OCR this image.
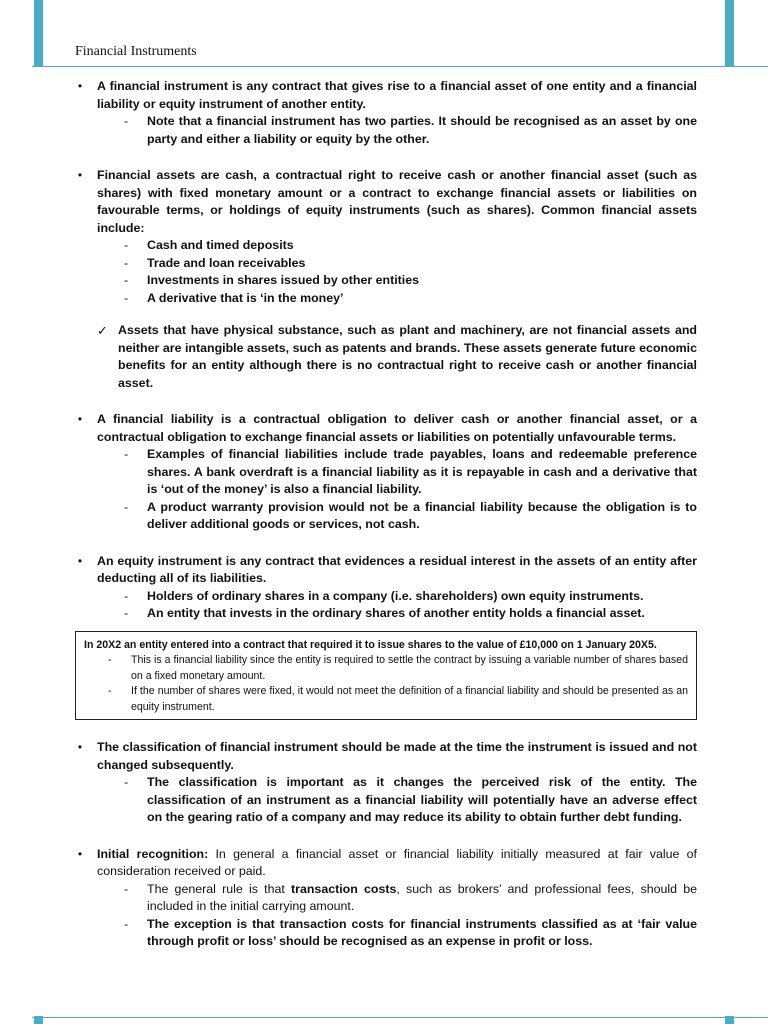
Financial Instruments
• A financial instrument is any contract that gives rise to a financial asset of one entity and a financial liability or equity instrument of another entity.

- Note that a financial instrument has two parties. It should be recognised as an asset by one party and either a liability or equity by the other.

• Financial assets are cash, a contractual right to receive cash or another financial asset (such as shares) with fixed monetary amount or a contract to exchange financial assets or liabilities on favourable terms, or holdings of equity instruments (such as shares). Common financial assets include:

- Cash and timed deposits

- Trade and loan receivables

- Investments in shares issued by other entities

- A derivative that is ‘in the money’

✓ Assets that have physical substance, such as plant and machinery, are not financial assets and neither are intangible assets, such as patents and brands. These assets generate future economic benefits for an entity although there is no contractual right to receive cash or another financial asset.

• A financial liability is a contractual obligation to deliver cash or another financial asset, or a contractual obligation to exchange financial assets or liabilities on potentially unfavourable terms.

- Examples of financial liabilities include trade payables, loans and redeemable preference shares. A bank overdraft is a financial liability as it is repayable in cash and a derivative that is ‘out of the money’ is also a financial liability.

- A product warranty provision would not be a financial liability because the obligation is to deliver additional goods or services, not cash.

• An equity instrument is any contract that evidences a residual interest in the assets of an entity after deducting all of its liabilities.

- Holders of ordinary shares in a company (i.e. shareholders) own equity instruments.

- An entity that invests in the ordinary shares of another entity holds a financial asset.

In 20X2 an entity entered into a contract that required it to issue shares to the value of £10,000 on 1 January 20X5.

- This is a financial liability since the entity is required to settle the contract by issuing a variable number of shares based on a fixed monetary amount.

- If the number of shares were fixed, it would not meet the definition of a financial liability and should be presented as an equity instrument.

• The classification of financial instrument should be made at the time the instrument is issued and not changed subsequently.

- The classification is important as it changes the perceived risk of the entity. The classification of an instrument as a financial liability will potentially have an adverse effect on the gearing ratio of a company and may reduce its ability to obtain further debt funding.

• Initial recognition: In general a financial asset or financial liability initially measured at fair value of consideration received or paid.

- The general rule is that transaction costs, such as brokers’ and professional fees, should be included in the initial carrying amount.

- The exception is that transaction costs for financial instruments classified as at ‘fair value through profit or loss’ should be recognised as an expense in profit or loss.
